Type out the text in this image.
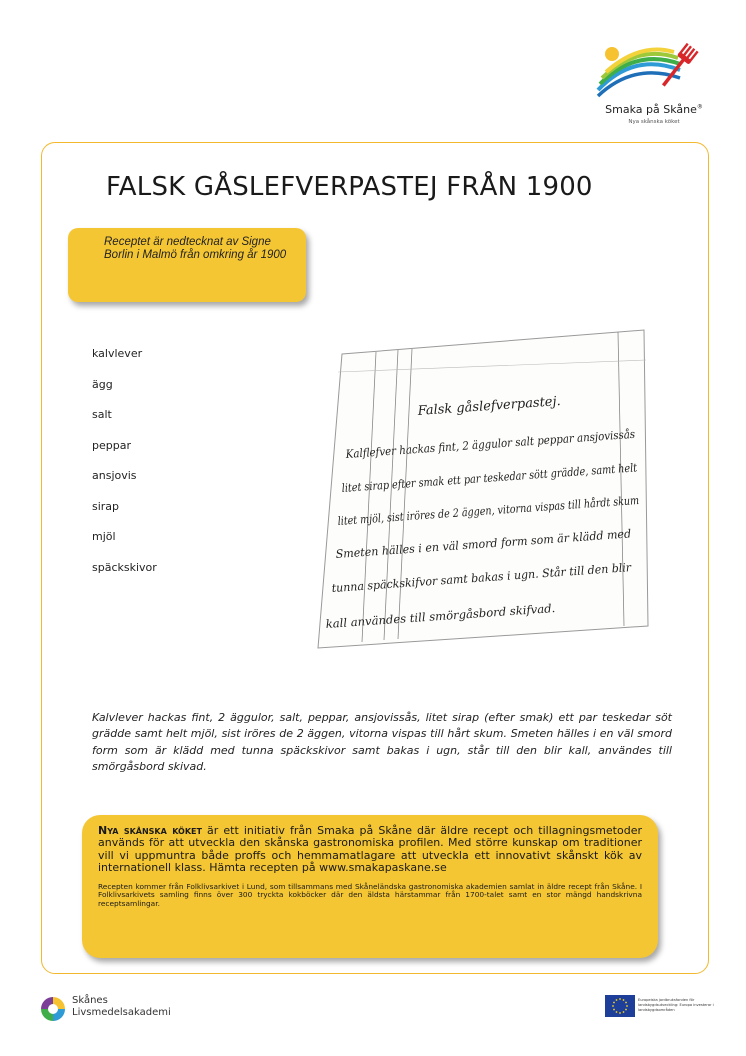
Smaka på Skåne®
Nya skånska köket
FALSK GÅSLEFVERPASTEJ FRÅN 1900

Receptet är nedtecknat av Signe Borlin i Malmö från omkring år 1900

kalvlever
ägg
salt
peppar
ansjovis
sirap
mjöl
späckskivor
Falsk gåslefverpastej.
Kalflefver hackas fint, 2 äggulor salt peppar ansjovissås
litet sirap efter smak ett par teskedar sött grädde, samt helt
litet mjöl, sist iröres de 2 äggen, vitorna vispas till hårdt skum
Smeten hälles i en väl smord form som är klädd med
tunna späckskifvor samt bakas i ugn. Står till den blir
kall användes till smörgåsbord skifvad.

Kalvlever hackas fint, 2 äggulor, salt, peppar, ansjovissås, litet sirap (efter smak) ett par teskedar söt grädde samt helt mjöl, sist iröres de 2 äggen, vitorna vispas till hårt skum. Smeten hälles i en väl smord form som är klädd med tunna späckskivor samt bakas i ugn, står till den blir kall, användes till smörgåsbord skivad.

Nya skånska köket är ett initiativ från Smaka på Skåne där äldre recept och tillagningsmetoder används för att utveckla den skånska gastronomiska profilen. Med större kunskap om traditioner vill vi uppmuntra både proffs och hemmamatlagare att utveckla ett innovativt skånskt kök av internationell klass. Hämta recepten på www.smakapaskane.se

Recepten kommer från Folklivsarkivet i Lund, som tillsammans med Skåneländska gastronomiska akademien samlat in äldre recept från Skåne. I Folklivsarkivets samling finns över 300 tryckta kokböcker där den äldsta härstammar från 1700-talet samt en stor mängd handskrivna receptsamlingar.

Skånes
Livsmedelsakademi
Europeiska jordbruksfonden för landsbygdsutveckling: Europa investerar i landsbygdsområden
